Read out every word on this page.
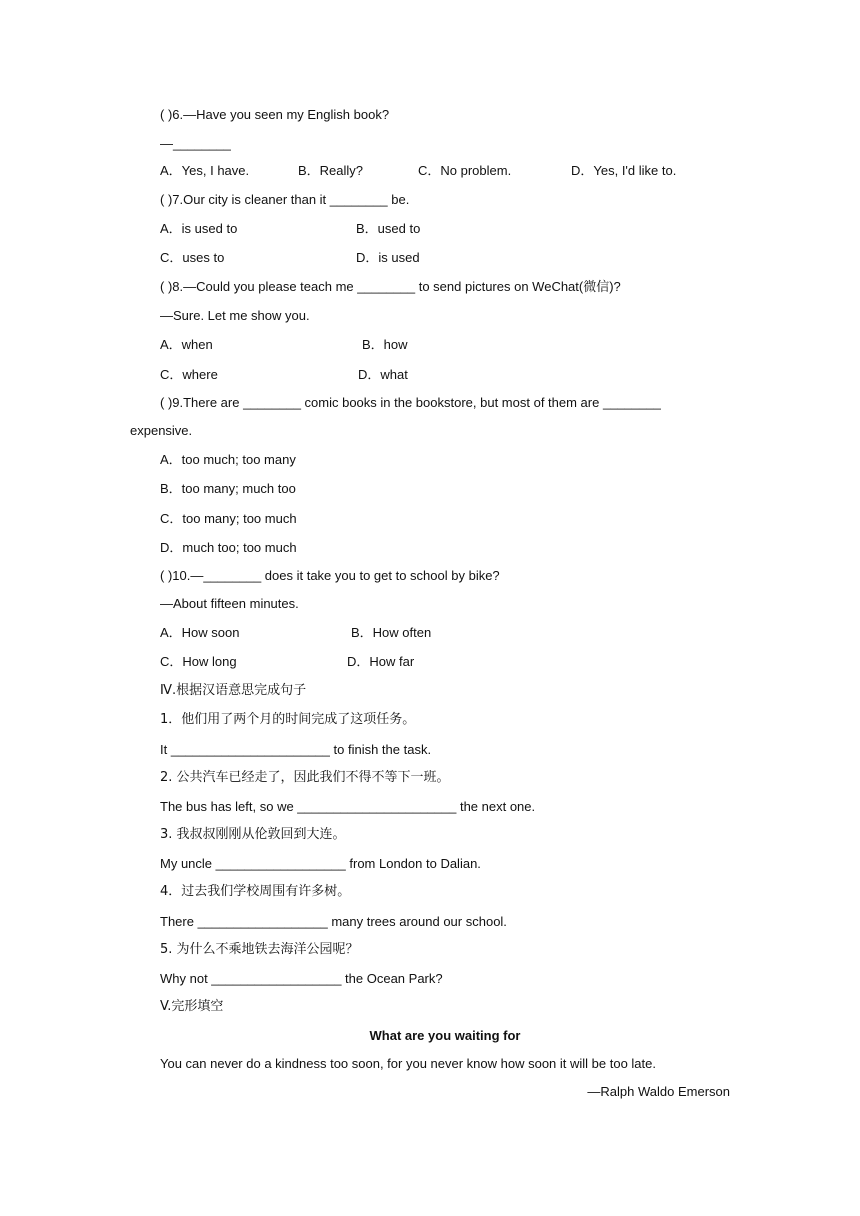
( )6.—Have you seen my English book?
—________
A．Yes, I have.	B．Really?	C．No problem.	D．Yes, I'd like to.
( )7.Our city is cleaner than it ________ be.
A．is used to	B．used to
C．uses to	D．is used
( )8.—Could you please teach me ________ to send pictures on WeChat(微信)?
—Sure. Let me show you.
A．when	B．how
C．where	D．what
( )9.There are ________ comic books in the bookstore, but most of them are ________
expensive.
A．too much; too many
B．too many; much too
C．too many; too much
D．much too; too much
( )10.—________ does it take you to get to school by bike?
—About fifteen minutes.
A．How soon	B．How often
C．How long	D．How far
Ⅳ.根据汉语意思完成句子
1．他们用了两个月的时间完成了这项任务。
It ______________________ to finish the task.
2. 公共汽车已经走了，因此我们不得不等下一班。
The bus has left, so we ______________________ the next one.
3. 我叔叔刚刚从伦敦回到大连。
My uncle __________________ from London to Dalian.
4．过去我们学校周围有许多树。
There __________________ many trees around our school.
5. 为什么不乘地铁去海洋公园呢？
Why not __________________ the Ocean Park?
V.完形填空
What are you waiting for
You can never do a kindness too soon, for you never know how soon it will be too late.
—Ralph Waldo Emerson
